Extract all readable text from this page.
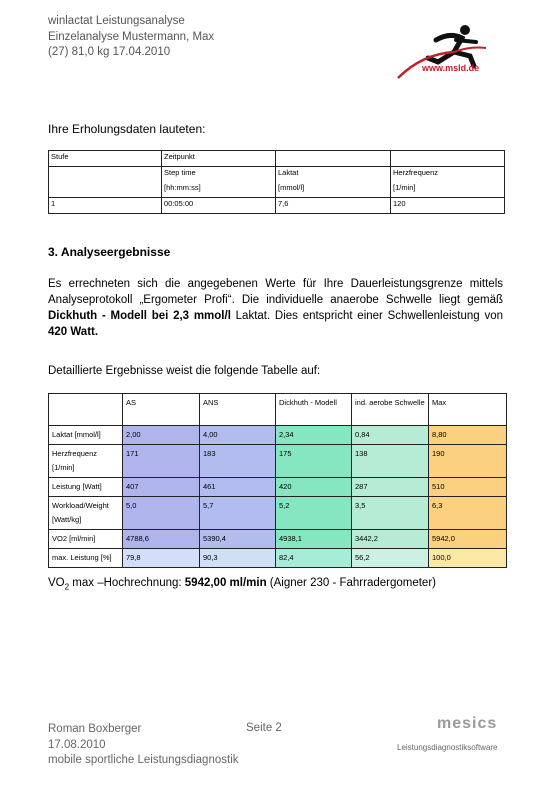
winlactat Leistungsanalyse
Einzelanalyse Mustermann, Max
(27) 81,0 kg 17.04.2010
www.msld.de
Ihre Erholungsdaten lauteten:
Stufe	Zeitpunkt		
	Step time	Laktat	Herzfrequenz
	[hh:mm:ss]	[mmol/l]	[1/min]
1	00:05:00	7,6	120
3. Analyseergebnisse
Es errechneten sich die angegebenen Werte für Ihre Dauerleistungsgrenze mittels Analyseprotokoll „Ergometer Profi“. Die individuelle anaerobe Schwelle liegt gemäß Dickhuth - Modell bei 2,3 mmol/l Laktat. Dies entspricht einer Schwellenleistung von 420 Watt.
Detaillierte Ergebnisse weist die folgende Tabelle auf:
	AS	ANS	Dickhuth - Modell	ind. aerobe Schwelle	Max
Laktat [mmol/l]	2,00	4,00	2,34	0,84	8,80
Herzfrequenz [1/min]	171	183	175	138	190
Leistung [Watt]	407	461	420	287	510
Workload/Weight [Watt/kg]	5,0	5,7	5,2	3,5	6,3
VO2 [ml/min]	4788,6	5390,4	4938,1	3442,2	5942,0
max. Leistung [%]	79,8	90,3	82,4	56,2	100,0
$VO_2$ max –Hochrechnung: 5942,00 ml/min (Aigner 230 - Fahrradergometer)
Roman Boxberger
17.08.2010
mobile sportliche Leistungsdiagnostik
Seite 2	mesics
Leistungsdiagnostiksoftware
